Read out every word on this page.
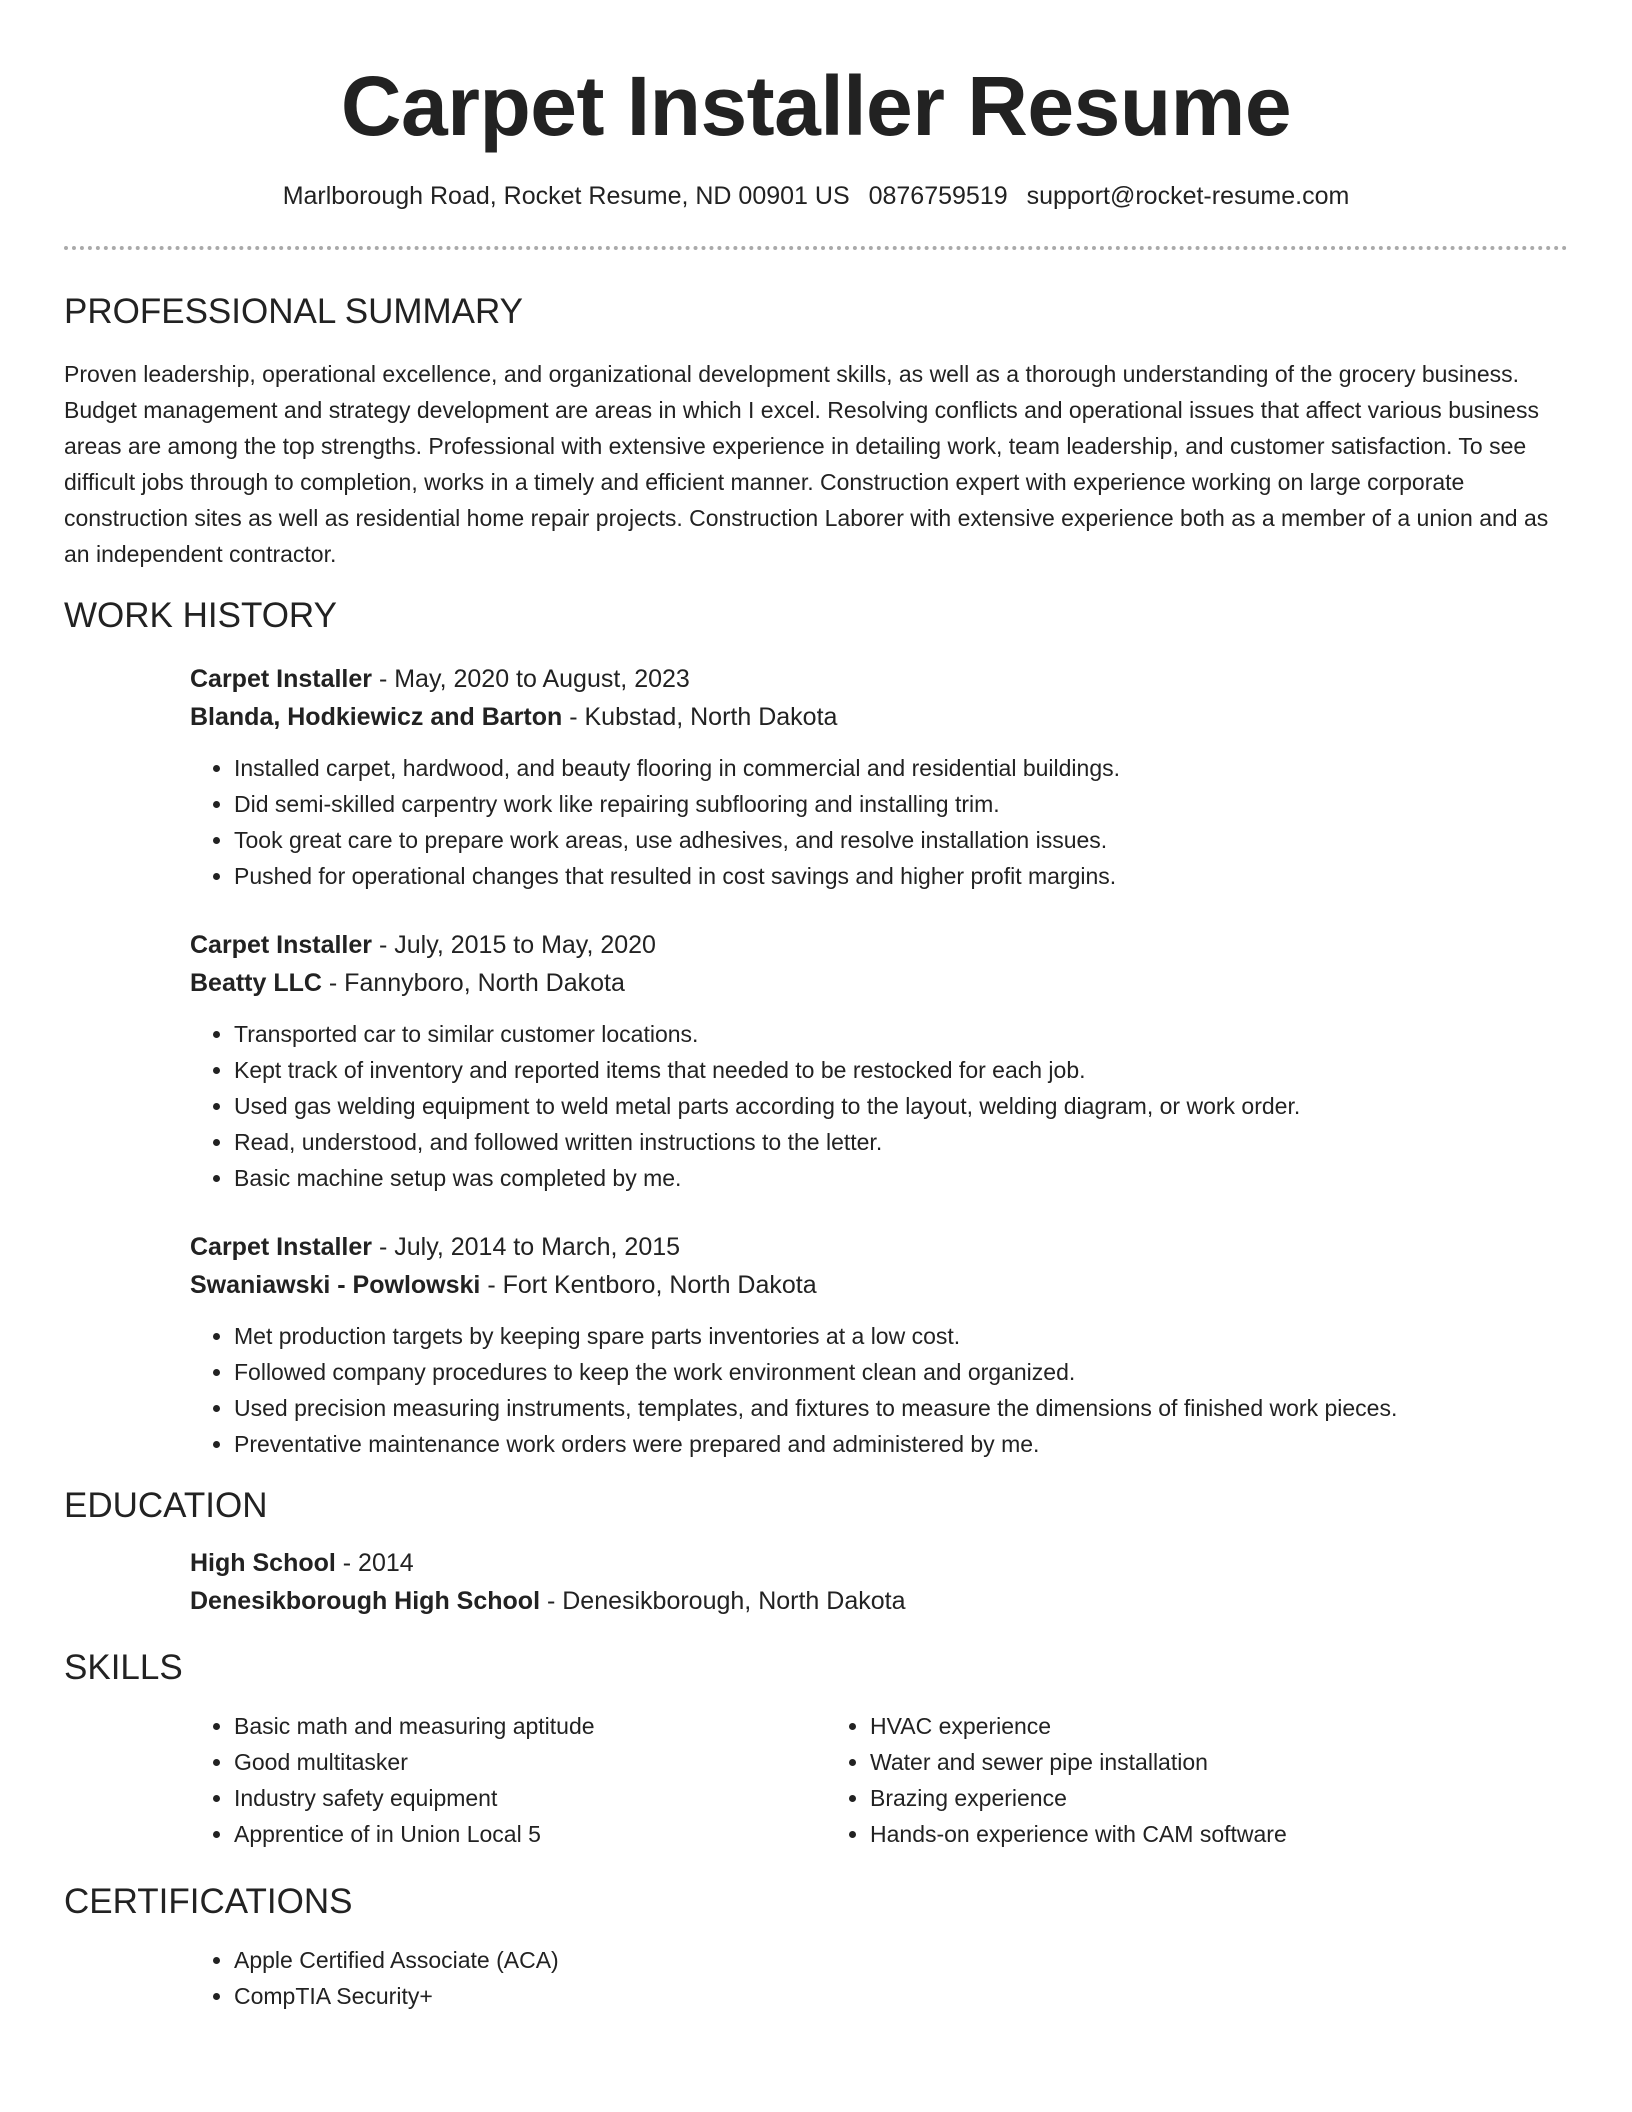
Carpet Installer Resume
Marlborough Road, Rocket Resume, ND 00901 US 0876759519 support@rocket-resume.com
PROFESSIONAL SUMMARY

Proven leadership, operational excellence, and organizational development skills, as well as a thorough understanding of the grocery business. Budget management and strategy development are areas in which I excel. Resolving conflicts and operational issues that affect various business areas are among the top strengths. Professional with extensive experience in detailing work, team leadership, and customer satisfaction. To see difficult jobs through to completion, works in a timely and efficient manner. Construction expert with experience working on large corporate construction sites as well as residential home repair projects. Construction Laborer with extensive experience both as a member of a union and as an independent contractor.

WORK HISTORY

Carpet Installer - May, 2020 to August, 2023

Blanda, Hodkiewicz and Barton - Kubstad, North Dakota

• Installed carpet, hardwood, and beauty flooring in commercial and residential buildings.
• Did semi-skilled carpentry work like repairing subflooring and installing trim.
• Took great care to prepare work areas, use adhesives, and resolve installation issues.
• Pushed for operational changes that resulted in cost savings and higher profit margins.

Carpet Installer - July, 2015 to May, 2020

Beatty LLC - Fannyboro, North Dakota

• Transported car to similar customer locations.
• Kept track of inventory and reported items that needed to be restocked for each job.
• Used gas welding equipment to weld metal parts according to the layout, welding diagram, or work order.
• Read, understood, and followed written instructions to the letter.
• Basic machine setup was completed by me.

Carpet Installer - July, 2014 to March, 2015

Swaniawski - Powlowski - Fort Kentboro, North Dakota

• Met production targets by keeping spare parts inventories at a low cost.
• Followed company procedures to keep the work environment clean and organized.
• Used precision measuring instruments, templates, and fixtures to measure the dimensions of finished work pieces.
• Preventative maintenance work orders were prepared and administered by me.
EDUCATION

High School - 2014

Denesikborough High School - Denesikborough, North Dakota

SKILLS
• Basic math and measuring aptitude
• Good multitasker
• Industry safety equipment
• Apprentice of in Union Local 5
• HVAC experience
• Water and sewer pipe installation
• Brazing experience
• Hands-on experience with CAM software
CERTIFICATIONS
• Apple Certified Associate (ACA)
• CompTIA Security+
